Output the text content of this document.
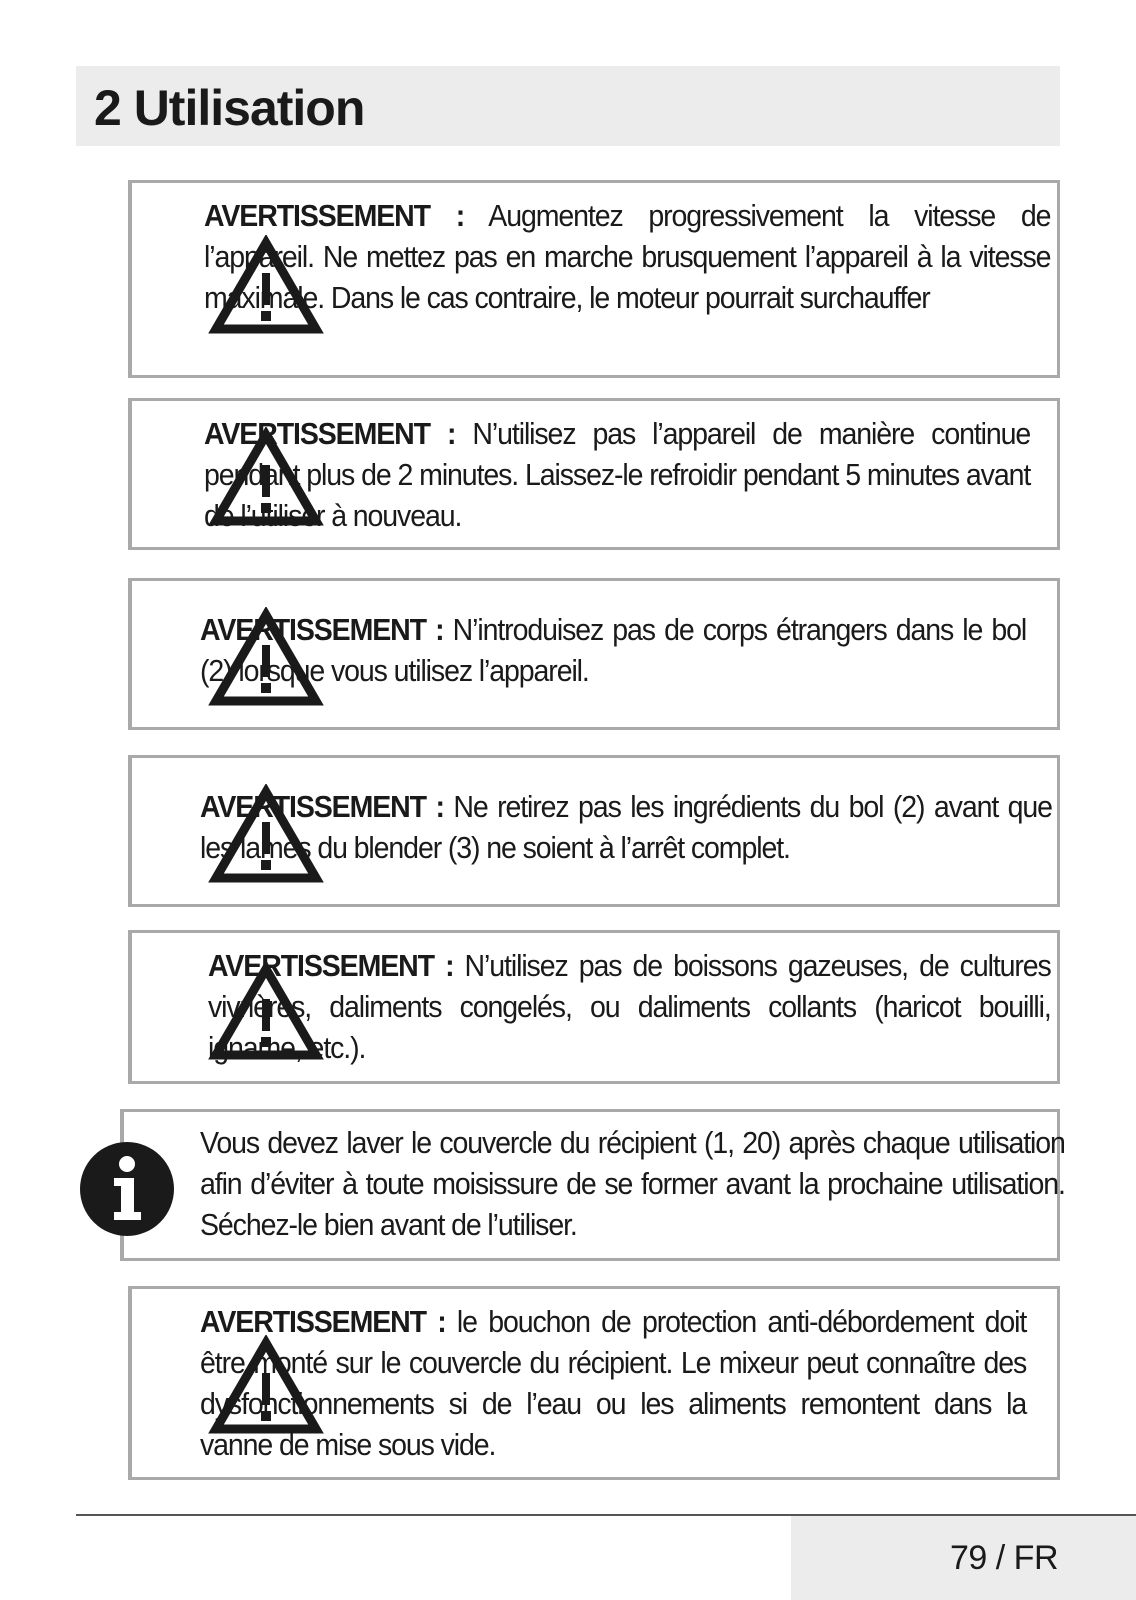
2 Utilisation
AVERTISSEMENT : Augmentez progressivement la vitesse de l’appareil. Ne mettez pas en marche brusquement l’appareil à la vitesse maximale. Dans le cas contraire, le moteur pourrait surchauffer
AVERTISSEMENT : N’utilisez pas l’appareil de manière continue pendant plus de 2 minutes. Laissez-le refroidir pendant 5 minutes avant de l’utiliser à nouveau.
AVERTISSEMENT : N’introduisez pas de corps étrangers dans le bol (2) lorsque vous utilisez l’appareil.
AVERTISSEMENT : Ne retirez pas les ingrédients du bol (2) avant que les lames du blender (3) ne soient à l’arrêt complet.
AVERTISSEMENT : N’utilisez pas de boissons gazeuses, de cultures vivrières, daliments congelés, ou daliments collants (haricot bouilli, igname, etc.).
Vous devez laver le couvercle du récipient (1, 20) après chaque utilisation afin d’éviter à toute moisissure de se former avant la prochaine utilisation. Séchez-le bien avant de l’utiliser.
AVERTISSEMENT : le bouchon de protection anti-débordement doit être monté sur le couvercle du récipient. Le mixeur peut connaître des dysfonctionnements si de l’eau ou les aliments remontent dans la vanne de mise sous vide.
79 / FR
